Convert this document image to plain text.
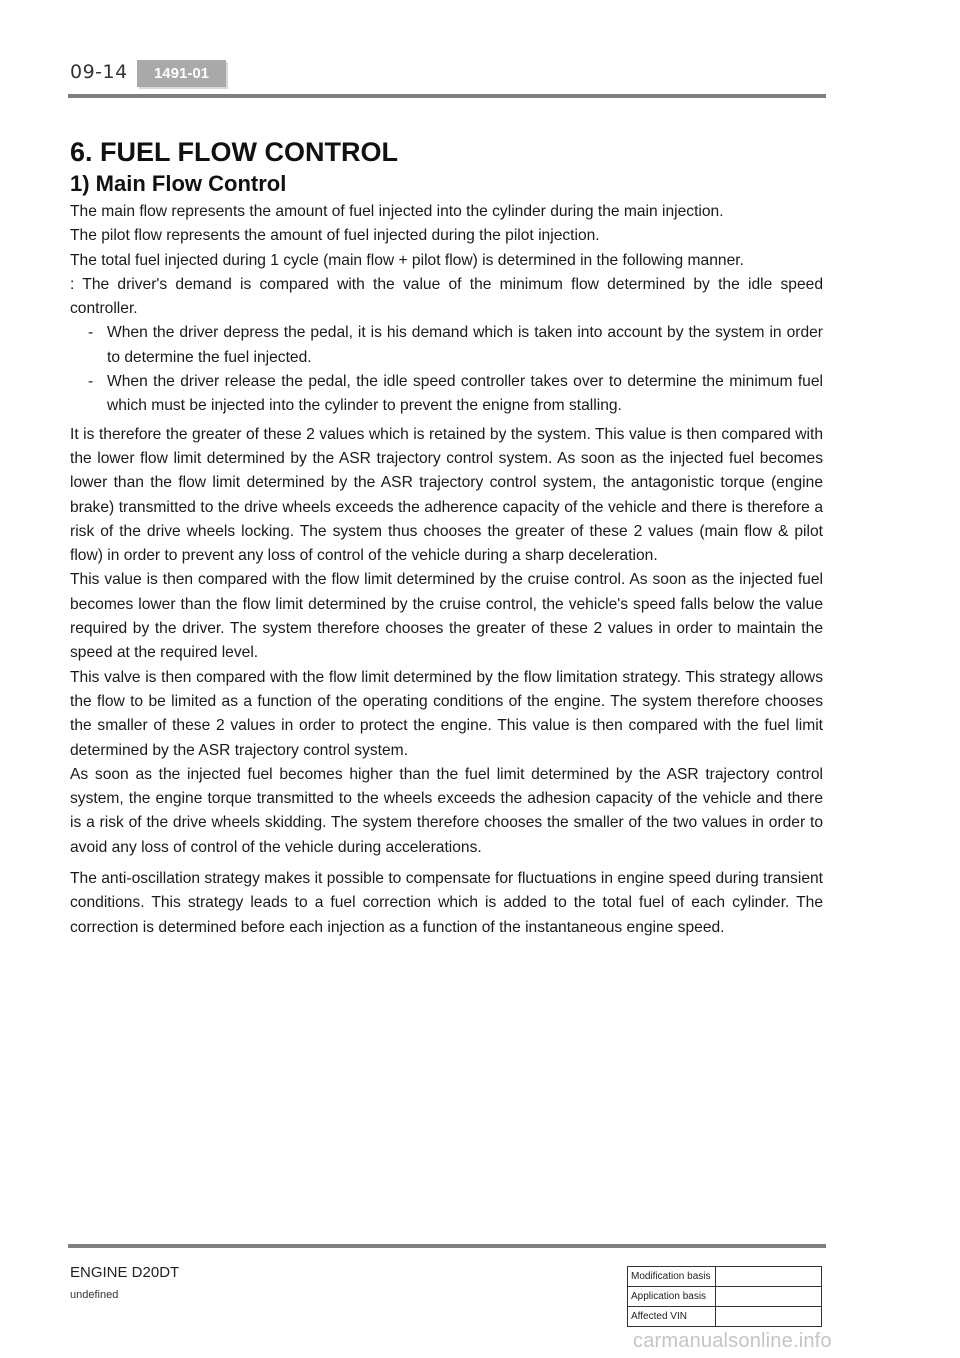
09-14	1491-01
6. FUEL FLOW CONTROL
1) Main Flow Control

The main flow represents the amount of fuel injected into the cylinder during the main injection.

The pilot flow represents the amount of fuel injected during the pilot injection.

The total fuel injected during 1 cycle (main flow + pilot flow) is determined in the following manner.

: The driver's demand is compared with the value of the minimum flow determined by the idle speed controller.

- When the driver depress the pedal, it is his demand which is taken into account by the system in order to determine the fuel injected.
- When the driver release the pedal, the idle speed controller takes over to determine the minimum fuel which must be injected into the cylinder to prevent the enigne from stalling.

It is therefore the greater of these 2 values which is retained by the system. This value is then compared with the lower flow limit determined by the ASR trajectory control system. As soon as the injected fuel becomes lower than the flow limit determined by the ASR trajectory control system, the antagonistic torque (engine brake) transmitted to the drive wheels exceeds the adherence capacity of the vehicle and there is therefore a risk of the drive wheels locking. The system thus chooses the greater of these 2 values (main flow & pilot flow) in order to prevent any loss of control of the vehicle during a sharp deceleration.

This value is then compared with the flow limit determined by the cruise control. As soon as the injected fuel becomes lower than the flow limit determined by the cruise control, the vehicle's speed falls below the value required by the driver. The system therefore chooses the greater of these 2 values in order to maintain the speed at the required level.

This valve is then compared with the flow limit determined by the flow limitation strategy. This strategy allows the flow to be limited as a function of the operating conditions of the engine. The system therefore chooses the smaller of these 2 values in order to protect the engine. This value is then compared with the fuel limit determined by the ASR trajectory control system.

As soon as the injected fuel becomes higher than the fuel limit determined by the ASR trajectory control system, the engine torque transmitted to the wheels exceeds the adhesion capacity of the vehicle and there is a risk of the drive wheels skidding. The system therefore chooses the smaller of the two values in order to avoid any loss of control of the vehicle during accelerations.

The anti-oscillation strategy makes it possible to compensate for fluctuations in engine speed during transient conditions. This strategy leads to a fuel correction which is added to the total fuel of each cylinder. The correction is determined before each injection as a function of the instantaneous engine speed.

ENGINE D20DT
undefined
Modification basis	
Application basis	
Affected VIN	
carmanualsonline.info
